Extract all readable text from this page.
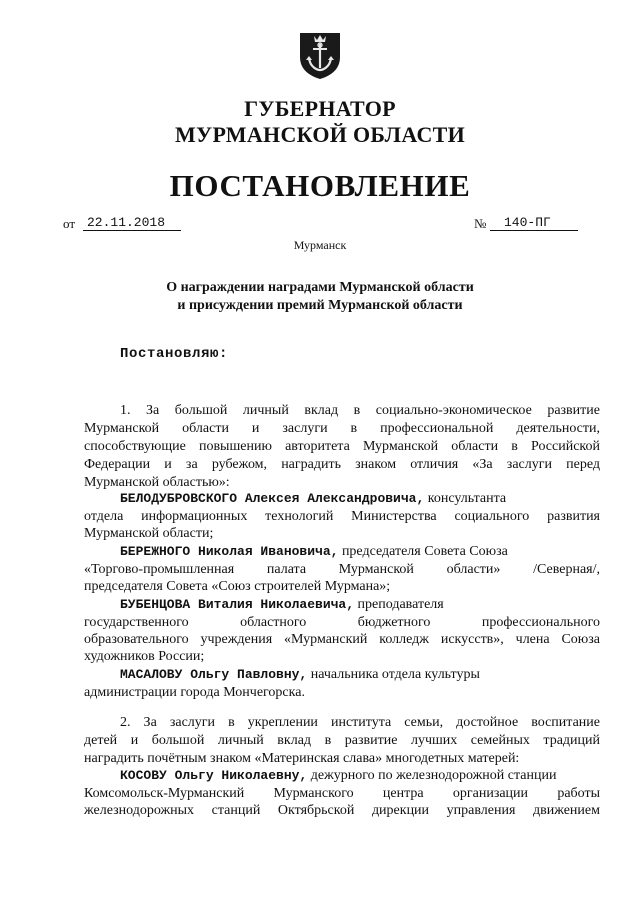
ГУБЕРНАТОР
МУРМАНСКОЙ ОБЛАСТИ
ПОСТАНОВЛЕНИЕ
от 22.11.2018	№	140-ПГ
Мурманск
О награждении наградами Мурманской области
и присуждении премий Мурманской области
Постановляю:
1. За большой личный вклад в социально-экономическое развитие
Мурманской области и заслуги в профессиональной деятельности,
способствующие повышению авторитета Мурманской области в Российской
Федерации и за рубежом, наградить знаком отличия «За заслуги перед
Мурманской областью»:
БЕЛОДУБРОВСКОГО Алексея Александровича, консультанта
отдела информационных технологий Министерства социального развития
Мурманской области;
БЕРЕЖНОГО Николая Ивановича, председателя Совета Союза
«Торгово-промышленная палата Мурманской области» /Северная/,
председателя Совета «Союз строителей Мурмана»;
БУБЕНЦОВА Виталия Николаевича, преподавателя
государственного областного бюджетного профессионального
образовательного учреждения «Мурманский колледж искусств», члена Союза
художников России;
МАСАЛОВУ Ольгу Павловну, начальника отдела культуры
администрации города Мончегорска.
2. За заслуги в укреплении института семьи, достойное воспитание
детей и большой личный вклад в развитие лучших семейных традиций
наградить почётным знаком «Материнская слава» многодетных матерей:
КОСОВУ Ольгу Николаевну, дежурного по железнодорожной станции
Комсомольск-Мурманский Мурманского центра организации работы
железнодорожных станций Октябрьской дирекции управления движением
